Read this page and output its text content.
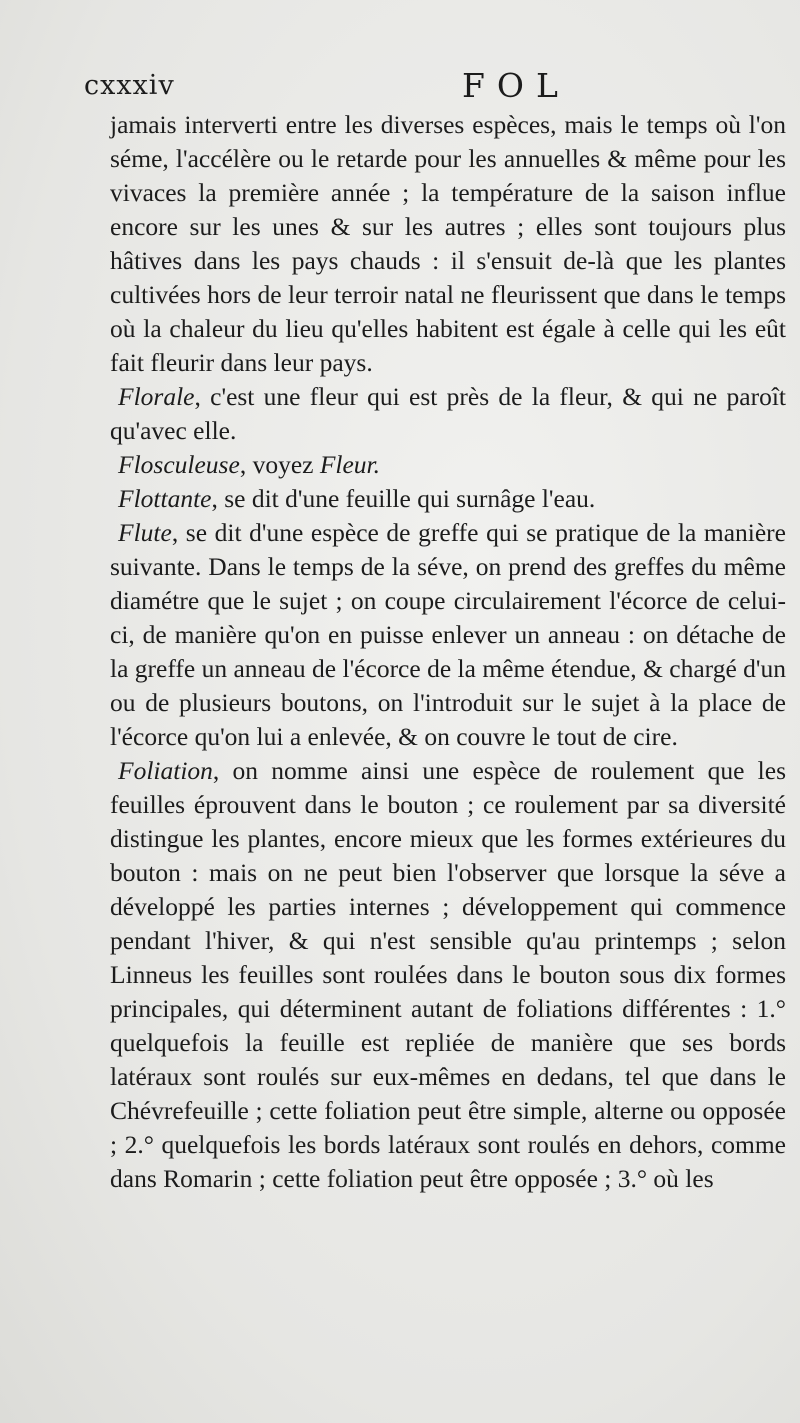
cxxxiv	FOL

jamais interverti entre les diverses espèces, mais le temps où l'on séme, l'accélère ou le retarde pour les annuelles & même pour les vivaces la première année ; la température de la saison influe encore sur les unes & sur les autres ; elles sont toujours plus hâtives dans les pays chauds : il s'ensuit de-là que les plantes cultivées hors de leur terroir natal ne fleurissent que dans le temps où la chaleur du lieu qu'elles habitent est égale à celle qui les eût fait fleurir dans leur pays.

Florale, c'est une fleur qui est près de la fleur, & qui ne paroît qu'avec elle.

Flosculeuse, voyez Fleur.

Flottante, se dit d'une feuille qui surnâge l'eau.

Flute, se dit d'une espèce de greffe qui se pratique de la manière suivante. Dans le temps de la séve, on prend des greffes du même diamétre que le sujet ; on coupe circulairement l'écorce de celui-ci, de manière qu'on en puisse enlever un anneau : on détache de la greffe un anneau de l'écorce de la même étendue, & chargé d'un ou de plusieurs boutons, on l'introduit sur le sujet à la place de l'écorce qu'on lui a enlevée, & on couvre le tout de cire.

Foliation, on nomme ainsi une espèce de roulement que les feuilles éprouvent dans le bouton ; ce roulement par sa diversité distingue les plantes, encore mieux que les formes extérieures du bouton : mais on ne peut bien l'observer que lorsque la séve a développé les parties internes ; développement qui commence pendant l'hiver, & qui n'est sensible qu'au printemps ; selon Linneus les feuilles sont roulées dans le bouton sous dix formes principales, qui déterminent autant de foliations différentes : 1.° quelquefois la feuille est repliée de manière que ses bords latéraux sont roulés sur eux-mêmes en dedans, tel que dans le Chévrefeuille ; cette foliation peut être simple, alterne ou opposée ; 2.° quelquefois les bords latéraux sont roulés en dehors, comme dans Romarin ; cette foliation peut être opposée ; 3.° où les
